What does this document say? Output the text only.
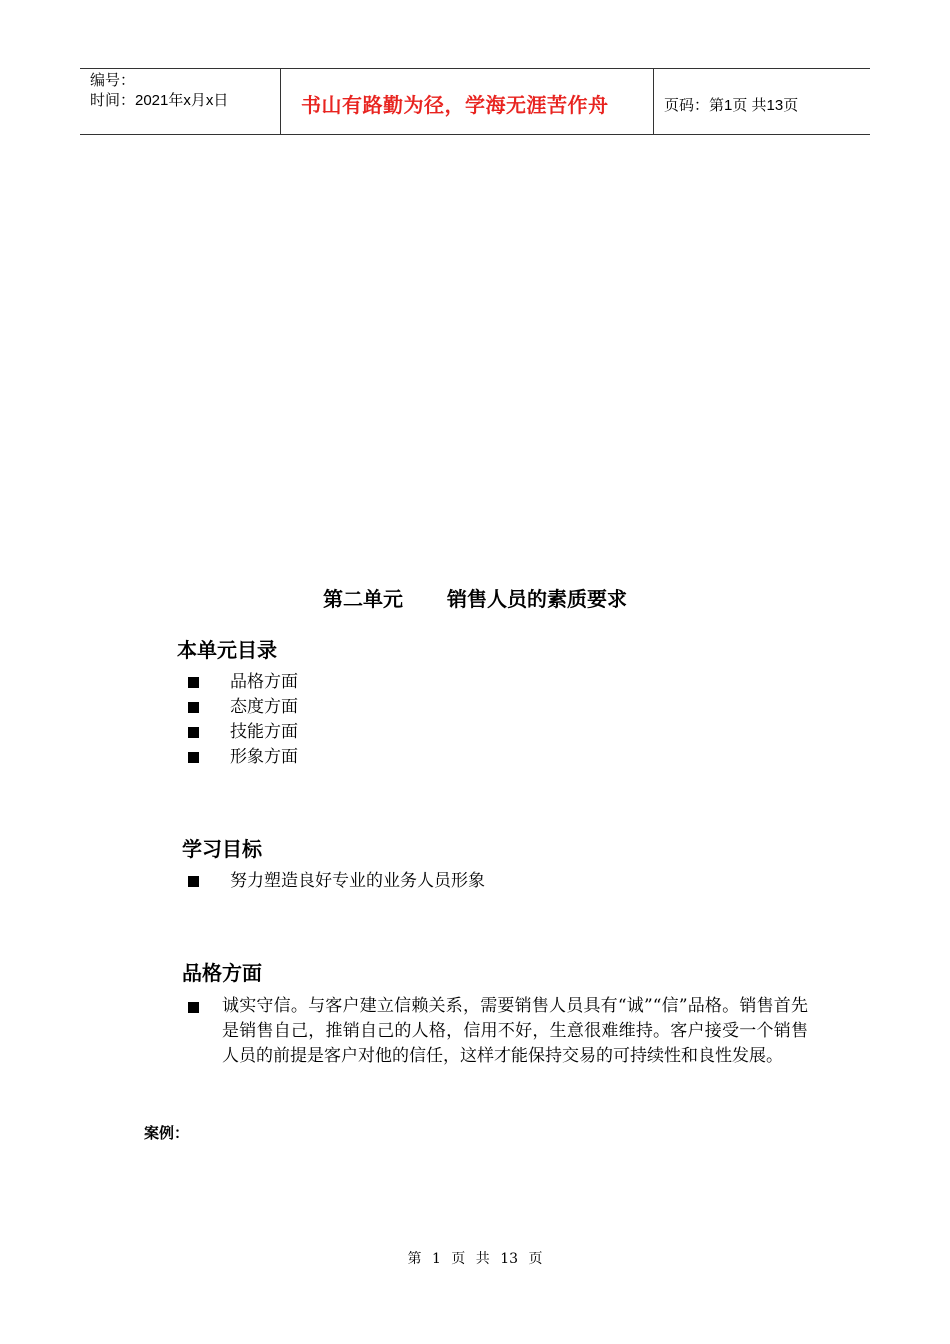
编号：
时间：2021年x月x日	书山有路勤为径，学海无涯苦作舟	页码：第1页 共13页
第二单元 销售人员的素质要求
本单元目录
品格方面
态度方面
技能方面
形象方面
学习目标
努力塑造良好专业的业务人员形象
品格方面
诚实守信。与客户建立信赖关系，需要销售人员具有“诚”“信”品格。销售首先是销售自己，推销自己的人格，信用不好，生意很难维持。客户接受一个销售人员的前提是客户对他的信任，这样才能保持交易的可持续性和良性发展。
案例：
第 1 页 共 13 页
